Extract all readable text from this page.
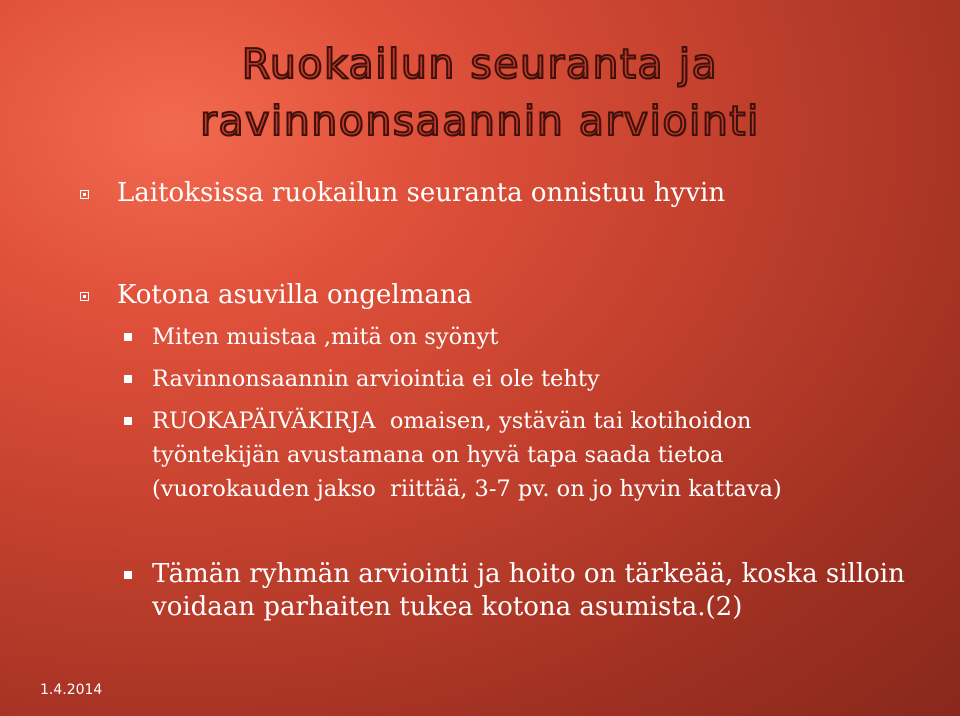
Ruokailun seuranta ja
ravinnonsaannin arviointi
Laitoksissa ruokailun seuranta onnistuu hyvin
Kotona asuvilla ongelmana
Miten muistaa ,mitä on syönyt
Ravinnonsaannin arviointia ei ole tehty
RUOKAPÄIVÄKIRJA  omaisen, ystävän tai kotihoidon
työntekijän avustamana on hyvä tapa saada tietoa
(vuorokauden jakso  riittää, 3-7 pv. on jo hyvin kattava)
Tämän ryhmän arviointi ja hoito on tärkeää, koska silloin
voidaan parhaiten tukea kotona asumista.(2)
1.4.2014
